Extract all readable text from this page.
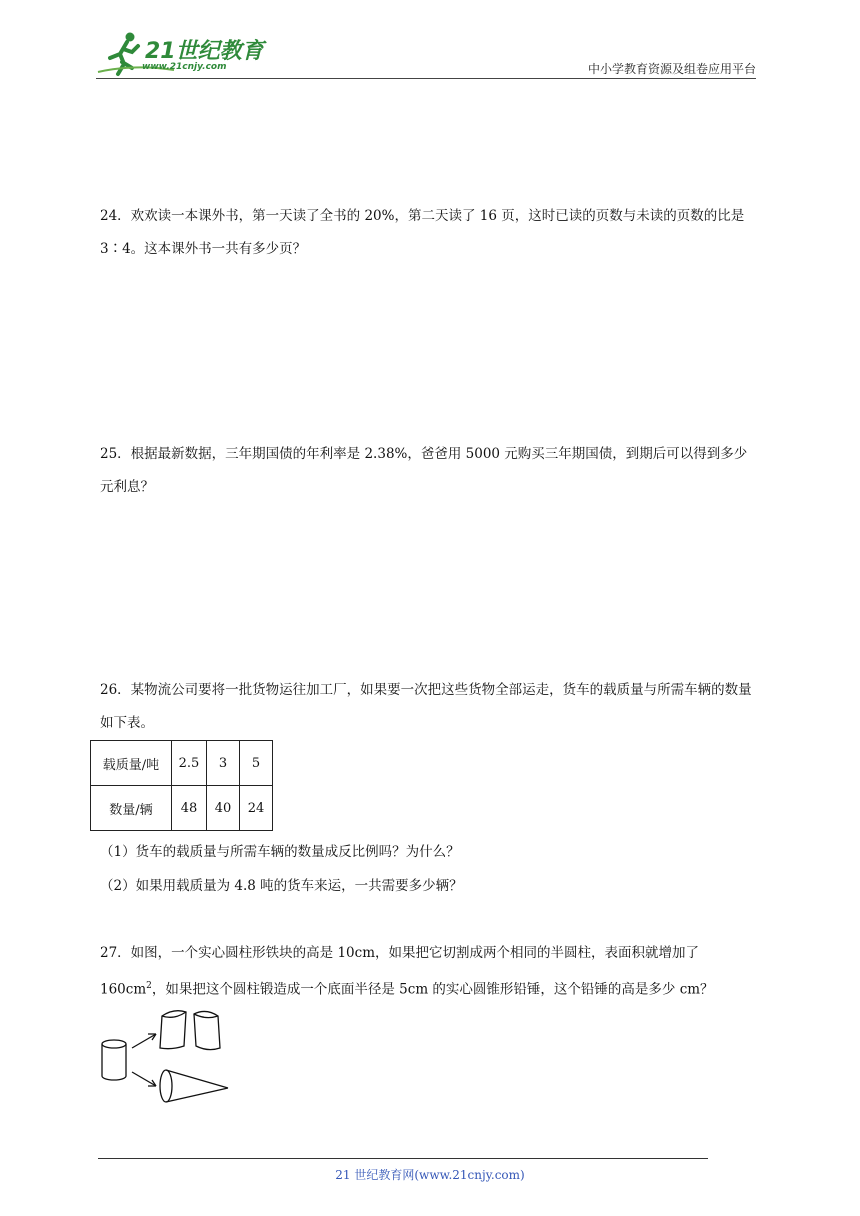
21世纪教育
www.21cnjy.com	中小学教育资源及组卷应用平台
24．欢欢读一本课外书，第一天读了全书的 20%，第二天读了 16 页，这时已读的页数与未读的页数的比是 3∶4。这本课外书一共有多少页？
25．根据最新数据，三年期国债的年利率是 2.38%，爸爸用 5000 元购买三年期国债，到期后可以得到多少元利息？
26．某物流公司要将一批货物运往加工厂，如果要一次把这些货物全部运走，货车的载质量与所需车辆的数量如下表。
载质量/吨	2.5	3	5
数量/辆	48	40	24
（1）货车的载质量与所需车辆的数量成反比例吗？为什么？
（2）如果用载质量为 4.8 吨的货车来运，一共需要多少辆？
27．如图，一个实心圆柱形铁块的高是 10cm，如果把它切割成两个相同的半圆柱，表面积就增加了 $160cm^2$，如果把这个圆柱锻造成一个底面半径是 5cm 的实心圆锥形铅锤，这个铅锤的高是多少 cm？
21 世纪教育网(www.21cnjy.com)
